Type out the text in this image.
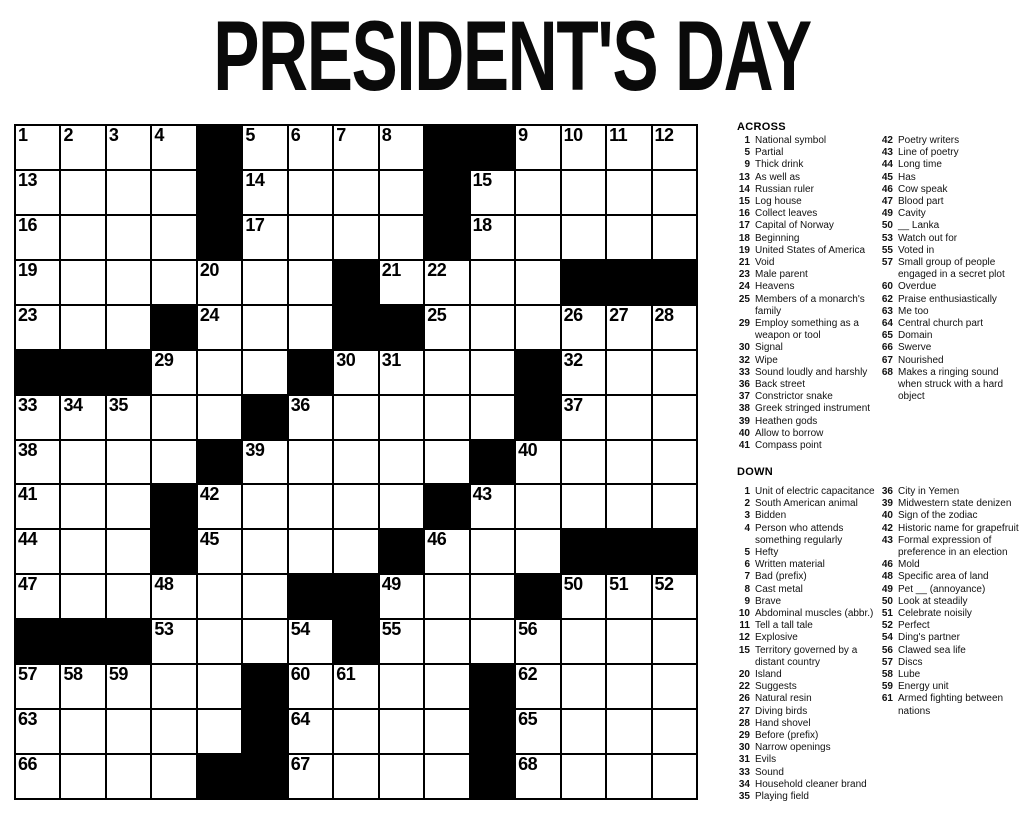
PRESIDENT'S DAY
1 2 3 4	5 6 7 8	9 10 11 12
13	14	15
16	17	18
19	20	21 22
23	24	25	26 27 28
29	30 31	32
33 34 35	36	37
38	39	40
41	42	43
44	45	46
47	48	49	50 51 52
53	54	55	56
57 58 59	60 61	62
63	64	65
66	67	68
ACROSS
1 National symbol
5 Partial
9 Thick drink
13 As well as
14 Russian ruler
15 Log house
16 Collect leaves
17 Capital of Norway
18 Beginning
19 United States of America
21 Void
23 Male parent
24 Heavens
25 Members of a monarch's
family
29 Employ something as a
weapon or tool
30 Signal
32 Wipe
33 Sound loudly and harshly
36 Back street
37 Constrictor snake
38 Greek stringed instrument
39 Heathen gods
40 Allow to borrow
41 Compass point
42 Poetry writers
43 Line of poetry
44 Long time
45 Has
46 Cow speak
47 Blood part
49 Cavity
50 __ Lanka
53 Watch out for
55 Voted in
57 Small group of people
engaged in a secret plot
60 Overdue
62 Praise enthusiastically
63 Me too
64 Central church part
65 Domain
66 Swerve
67 Nourished
68 Makes a ringing sound
when struck with a hard
object
DOWN
1 Unit of electric capacitance
2 South American animal
3 Bidden
4 Person who attends
something regularly
5 Hefty
6 Written material
7 Bad (prefix)
8 Cast metal
9 Brave
10 Abdominal muscles (abbr.)
11 Tell a tall tale
12 Explosive
15 Territory governed by a
distant country
20 Island
22 Suggests
26 Natural resin
27 Diving birds
28 Hand shovel
29 Before (prefix)
30 Narrow openings
31 Evils
33 Sound
34 Household cleaner brand
35 Playing field
36 City in Yemen
39 Midwestern state denizen
40 Sign of the zodiac
42 Historic name for grapefruit
43 Formal expression of
preference in an election
46 Mold
48 Specific area of land
49 Pet __ (annoyance)
50 Look at steadily
51 Celebrate noisily
52 Perfect
54 Ding's partner
56 Clawed sea life
57 Discs
58 Lube
59 Energy unit
61 Armed fighting between
nations
